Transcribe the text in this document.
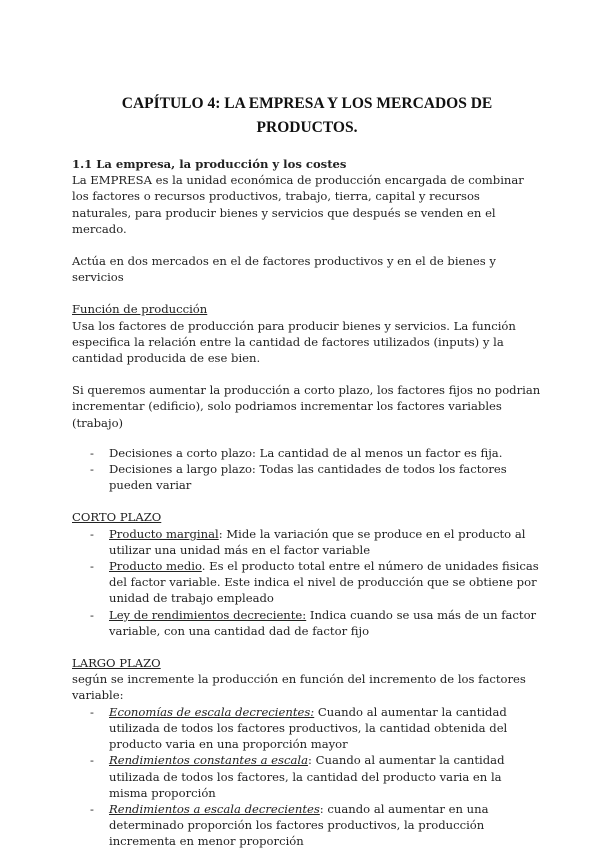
CAPÍTULO 4: LA EMPRESA Y LOS MERCADOS DE
PRODUCTOS.

1.1 La empresa, la producción y los costes

La EMPRESA es la unidad económica de producción encargada de combinar los factores o recursos productivos, trabajo, tierra, capital y recursos naturales, para producir bienes y servicios que después se venden en el mercado.

Actúa en dos mercados en el de factores productivos y en el de bienes y servicios

Función de producción

Usa los factores de producción para producir bienes y servicios. La función especifica la relación entre la cantidad de factores utilizados (inputs) y la cantidad producida de ese bien.

Si queremos aumentar la producción a corto plazo, los factores fijos no podrian incrementar (edificio), solo podriamos incrementar los factores variables (trabajo)

- Decisiones a corto plazo: La cantidad de al menos un factor es fija.
- Decisiones a largo plazo: Todas las cantidades de todos los factores pueden variar

CORTO PLAZO

- Producto marginal: Mide la variación que se produce en el producto al utilizar una unidad más en el factor variable
- Producto medio. Es el producto total entre el número de unidades fisicas del factor variable. Este indica el nivel de producción que se obtiene por unidad de trabajo empleado
- Ley de rendimientos decreciente: Indica cuando se usa más de un factor variable, con una cantidad dad de factor fijo

LARGO PLAZO

según se incremente la producción en función del incremento de los factores variable:

- Economías de escala decrecientes: Cuando al aumentar la cantidad utilizada de todos los factores productivos, la cantidad obtenida del producto varia en una proporción mayor
- Rendimientos constantes a escala: Cuando al aumentar la cantidad utilizada de todos los factores, la cantidad del producto varia en la misma proporción
- Rendimientos a escala decrecientes: cuando al aumentar en una determinado proporción los factores productivos, la producción incrementa en menor proporción
